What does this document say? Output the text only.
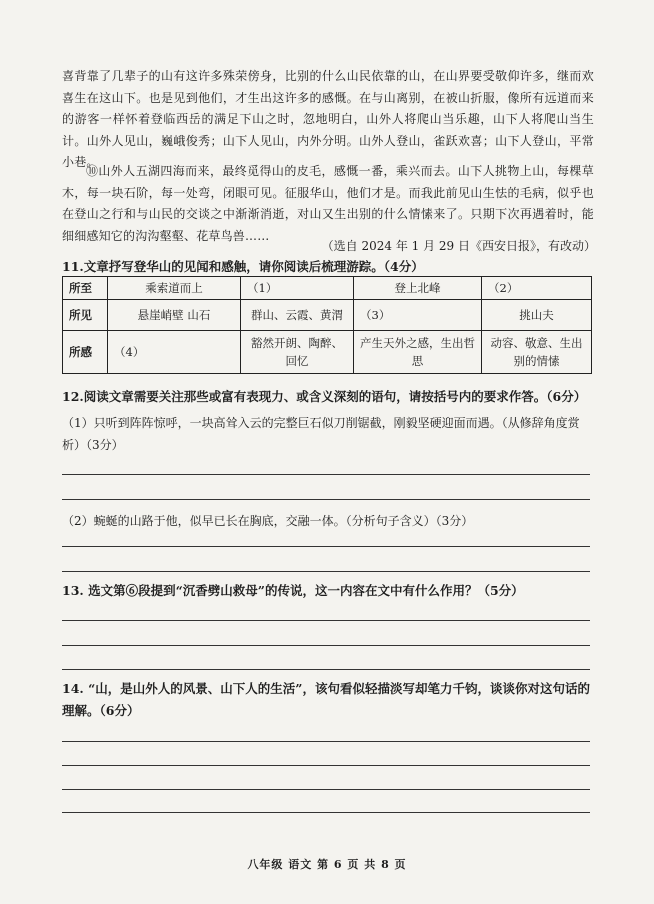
喜背靠了几辈子的山有这许多殊荣傍身，比别的什么山民依靠的山，在山界要受敬仰许多，继而欢喜生在这山下。也是见到他们，才生出这许多的感慨。在与山离别，在被山折服，像所有远道而来的游客一样怀着登临西岳的满足下山之时，忽地明白，山外人将爬山当乐趣，山下人将爬山当生计。山外人见山，巍峨俊秀；山下人见山，内外分明。山外人登山，雀跃欢喜；山下人登山，平常小巷。

⑩山外人五湖四海而来，最终觅得山的皮毛，感慨一番，乘兴而去。山下人挑物上山，每棵草木，每一块石阶，每一处弯，闭眼可见。征服华山，他们才是。而我此前见山生怯的毛病，似乎也在登山之行和与山民的交谈之中渐渐消逝，对山又生出别的什么情愫来了。只期下次再遇着时，能细细感知它的沟沟壑壑、花草鸟兽……

（选自 2024 年 1 月 29 日《西安日报》，有改动）

11.文章抒写登华山的见闻和感触，请你阅读后梳理游踪。（4分）

所至	乘索道而上	（1）	登上北峰	（2）
所见	悬崖峭壁 山石	群山、云霞、黄渭	（3）	挑山夫
所感	（4）	豁然开朗、陶醉、回忆	产生天外之感，生出哲思	动容、敬意、生出别的情愫

12.阅读文章需要关注那些或富有表现力、或含义深刻的语句，请按括号内的要求作答。（6分）

（1）只听到阵阵惊呼，一块高耸入云的完整巨石似刀削锯截，刚毅坚硬迎面而遇。（从修辞角度赏析）（3分）

（2）蜿蜒的山路于他，似早已长在胸底，交融一体。（分析句子含义）（3分）

13. 选文第⑥段提到“沉香劈山救母”的传说，这一内容在文中有什么作用？（5分）

14. “山，是山外人的风景、山下人的生活”，该句看似轻描淡写却笔力千钧，谈谈你对这句话的理解。（6分）

八年级 语文 第 6 页 共 8 页
